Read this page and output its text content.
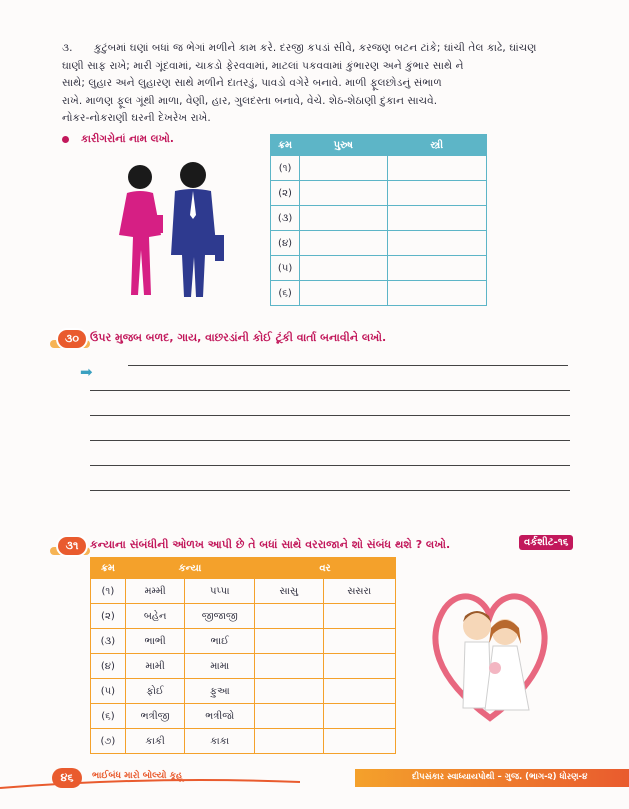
૩.	કુટુંબમાં ઘણાં બધાં જ ભેગાં મળીને કામ કરે. દરજી કપડાં સીવે, કરજણ બટન ટાંકે; ઘાંચી તેલ કાઢે, ઘાંચણ
ઘાણી સાફ રાખે; મારી ગૂંદવામાં, ચાકડો ફેરવવામાં, માટલાં પકવવામાં કુંભારણ અને કુંભાર સાથે ને
સાથે; લુહાર અને લુહારણ સાથે મળીને દાતરડું, પાવડો વગેરે બનાવે. માળી ફૂલછોડનું સંભાળ
રાખે. માળણ ફૂલ ગૂંથી માળા, વેણી, હાર, ગુલદસ્તા બનાવે, વેચે. શેઠ-શેઠાણી દુકાન સાચવે.
નોકર-નોકરાણી ઘરની દેખરેખ રાખે.
કારીગરોનાં નામ લખો.	ક્રમ	પુરુષ	સ્ત્રી
(૧)		
(૨)		
(૩)		
(૪)		
(૫)		
(૬)		
૩૦	ઉપર મુજબ બળદ, ગાય, વાછરડાંની કોઈ ટૂંકી વાર્તા બનાવીને લખો.
➡
૩૧	કન્યાના સંબંધીની ઓળખ આપી છે તે બધાં સાથે વરરાજાને શો સંબંધ થશે ? લખો.	વર્કશીટ-૧૬
ક્રમ	કન્યા		વર	
(૧)	મમ્મી	પપ્પા	સાસુ	સસરા
(૨)	બહેન	જીજાજી		
(૩)	ભાભી	ભાઈ		
(૪)	મામી	મામા		
(૫)	ફોઈ	ફુઆ		
(૬)	ભત્રીજી	ભત્રીજો		
(૭)	કાકી	કાકા		
૪૬	ભાઈબંધ મારો બોલ્યો કૂહૂ	દીપસંકાર સ્વાધ્યાયપોથી – ગુજ. (ભાગ-૨) ધોરણ-૪
